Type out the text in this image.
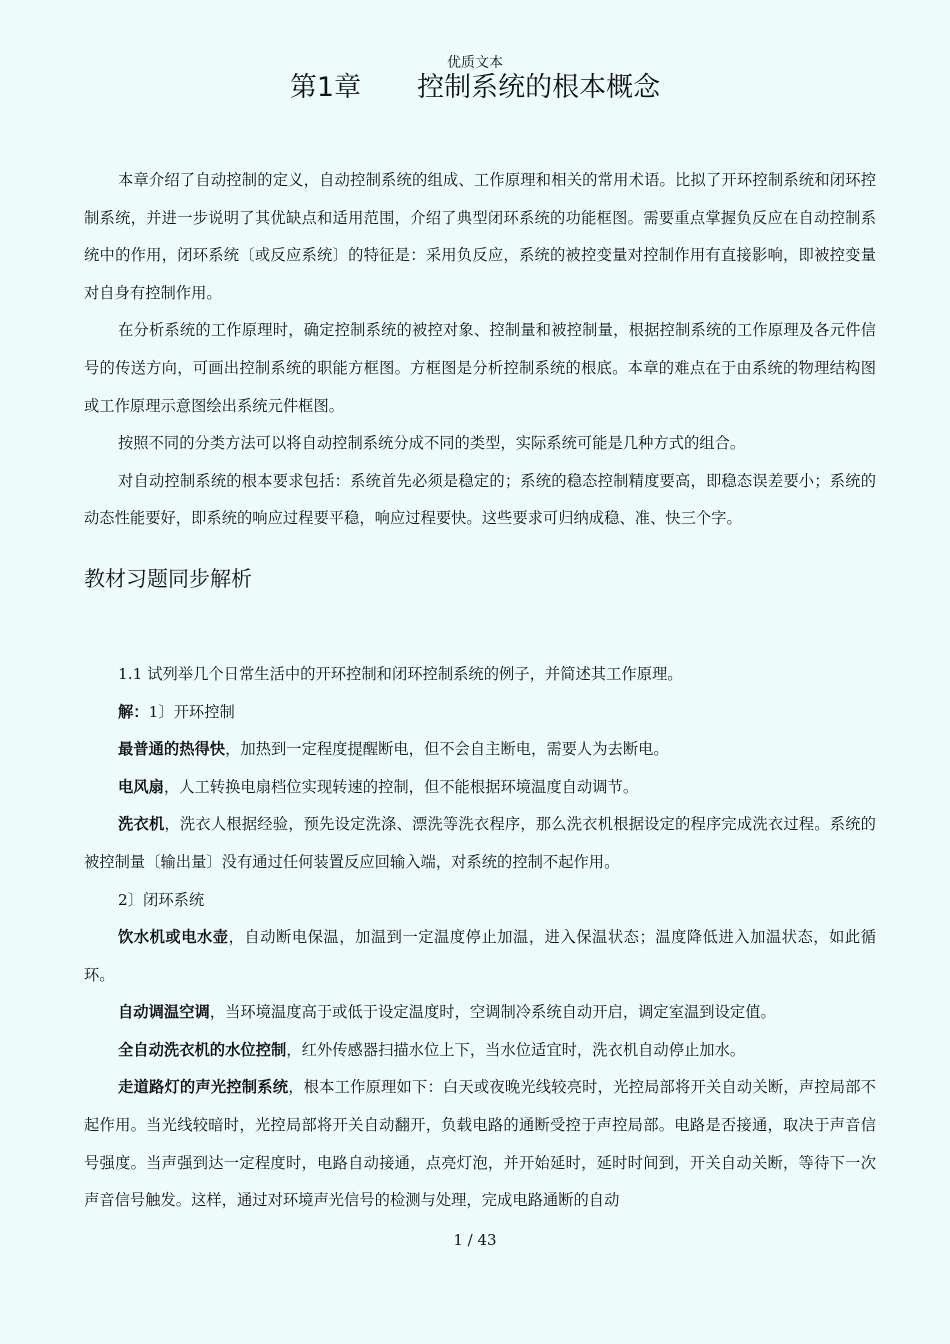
优质文本
第1章 控制系统的根本概念

本章介绍了自动控制的定义，自动控制系统的组成、工作原理和相关的常用术语。比拟了开环控制系统和闭环控制系统，并进一步说明了其优缺点和适用范围，介绍了典型闭环系统的功能框图。需要重点掌握负反应在自动控制系统中的作用，闭环系统〔或反应系统〕的特征是：采用负反应，系统的被控变量对控制作用有直接影响，即被控变量对自身有控制作用。

在分析系统的工作原理时，确定控制系统的被控对象、控制量和被控制量，根据控制系统的工作原理及各元件信号的传送方向，可画出控制系统的职能方框图。方框图是分析控制系统的根底。本章的难点在于由系统的物理结构图或工作原理示意图绘出系统元件框图。

按照不同的分类方法可以将自动控制系统分成不同的类型，实际系统可能是几种方式的组合。

对自动控制系统的根本要求包括：系统首先必须是稳定的；系统的稳态控制精度要高，即稳态误差要小；系统的动态性能要好，即系统的响应过程要平稳，响应过程要快。这些要求可归纳成稳、准、快三个字。

教材习题同步解析

1.1 试列举几个日常生活中的开环控制和闭环控制系统的例子，并简述其工作原理。

解：1〕开环控制

最普通的热得快，加热到一定程度提醒断电，但不会自主断电，需要人为去断电。

电风扇，人工转换电扇档位实现转速的控制，但不能根据环境温度自动调节。

洗衣机，洗衣人根据经验，预先设定洗涤、漂洗等洗衣程序，那么洗衣机根据设定的程序完成洗衣过程。系统的被控制量〔输出量〕没有通过任何装置反应回输入端，对系统的控制不起作用。

2〕闭环系统

饮水机或电水壶，自动断电保温，加温到一定温度停止加温，进入保温状态；温度降低进入加温状态，如此循环。

自动调温空调，当环境温度高于或低于设定温度时，空调制冷系统自动开启，调定室温到设定值。

全自动洗衣机的水位控制，红外传感器扫描水位上下，当水位适宜时，洗衣机自动停止加水。

走道路灯的声光控制系统，根本工作原理如下：白天或夜晚光线较亮时，光控局部将开关自动关断，声控局部不起作用。当光线较暗时，光控局部将开关自动翻开，负载电路的通断受控于声控局部。电路是否接通，取决于声音信号强度。当声强到达一定程度时，电路自动接通，点亮灯泡，并开始延时，延时时间到，开关自动关断，等待下一次声音信号触发。这样，通过对环境声光信号的检测与处理，完成电路通断的自动

1 / 43
